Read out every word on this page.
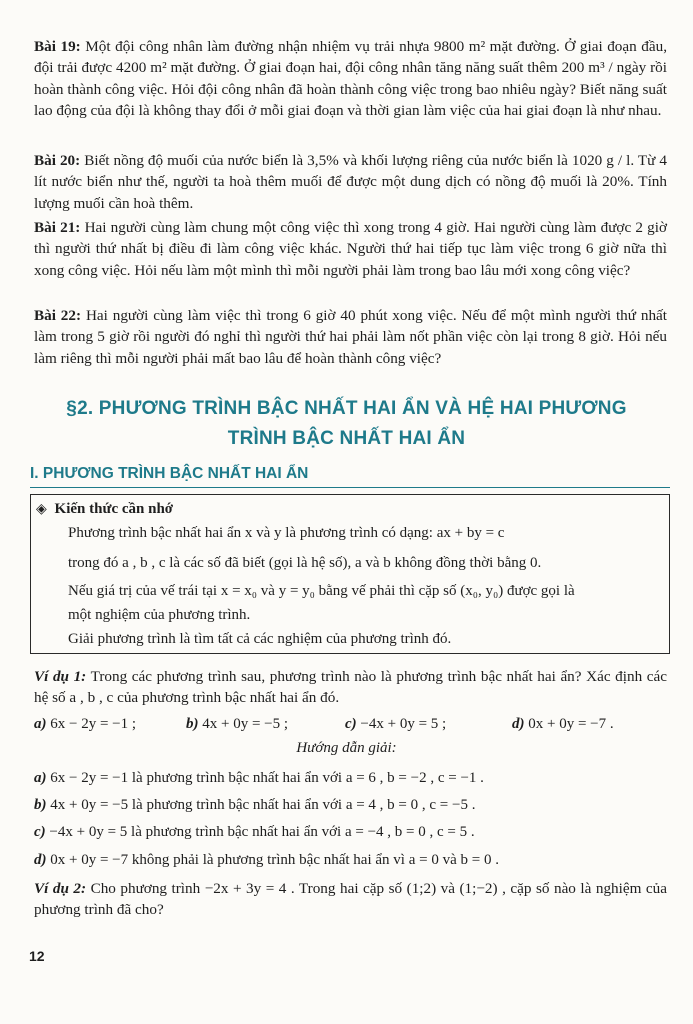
Bài 19: Một đội công nhân làm đường nhận nhiệm vụ trải nhựa 9800 m² mặt đường. Ở giai đoạn đầu, đội trải được 4200 m² mặt đường. Ở giai đoạn hai, đội công nhân tăng năng suất thêm 200 m³ / ngày rồi hoàn thành công việc. Hỏi đội công nhân đã hoàn thành công việc trong bao nhiêu ngày? Biết năng suất lao động của đội là không thay đổi ở mỗi giai đoạn và thời gian làm việc của hai giai đoạn là như nhau.
Bài 20: Biết nồng độ muối của nước biển là 3,5% và khối lượng riêng của nước biển là 1020 g / l. Từ 4 lít nước biển như thế, người ta hoà thêm muối để được một dung dịch có nồng độ muối là 20%. Tính lượng muối cần hoà thêm.
Bài 21: Hai người cùng làm chung một công việc thì xong trong 4 giờ. Hai người cùng làm được 2 giờ thì người thứ nhất bị điều đi làm công việc khác. Người thứ hai tiếp tục làm việc trong 6 giờ nữa thì xong công việc. Hỏi nếu làm một mình thì mỗi người phải làm trong bao lâu mới xong công việc?
Bài 22: Hai người cùng làm việc thì trong 6 giờ 40 phút xong việc. Nếu để một mình người thứ nhất làm trong 5 giờ rồi người đó nghỉ thì người thứ hai phải làm nốt phần việc còn lại trong 8 giờ. Hỏi nếu làm riêng thì mỗi người phải mất bao lâu để hoàn thành công việc?
§2. PHƯƠNG TRÌNH BẬC NHẤT HAI ẨN VÀ HỆ HAI PHƯƠNG
TRÌNH BẬC NHẤT HAI ẨN
I. PHƯƠNG TRÌNH BẬC NHẤT HAI ẨN
◈ Kiến thức cần nhớ
Phương trình bậc nhất hai ẩn x và y là phương trình có dạng: ax + by = c
trong đó a , b , c là các số đã biết (gọi là hệ số), a và b không đồng thời bằng 0.
Nếu giá trị của vế trái tại x = x₀ và y = y₀ bằng vế phải thì cặp số (x₀, y₀) được gọi là
một nghiệm của phương trình.
Giải phương trình là tìm tất cả các nghiệm của phương trình đó.
Ví dụ 1: Trong các phương trình sau, phương trình nào là phương trình bậc nhất hai ẩn? Xác định các hệ số a , b , c của phương trình bậc nhất hai ẩn đó.
a) 6x − 2y = −1 ;	b) 4x + 0y = −5 ;	c) −4x + 0y = 5 ;	d) 0x + 0y = −7 .
Hướng dẫn giải:
a) 6x − 2y = −1 là phương trình bậc nhất hai ẩn với a = 6 , b = −2 , c = −1 .
b) 4x + 0y = −5 là phương trình bậc nhất hai ẩn với a = 4 , b = 0 , c = −5 .
c) −4x + 0y = 5 là phương trình bậc nhất hai ẩn với a = −4 , b = 0 , c = 5 .
d) 0x + 0y = −7 không phải là phương trình bậc nhất hai ẩn vì a = 0 và b = 0 .
Ví dụ 2: Cho phương trình −2x + 3y = 4 . Trong hai cặp số (1;2) và (1;−2) , cặp số nào là nghiệm của phương trình đã cho?
12
